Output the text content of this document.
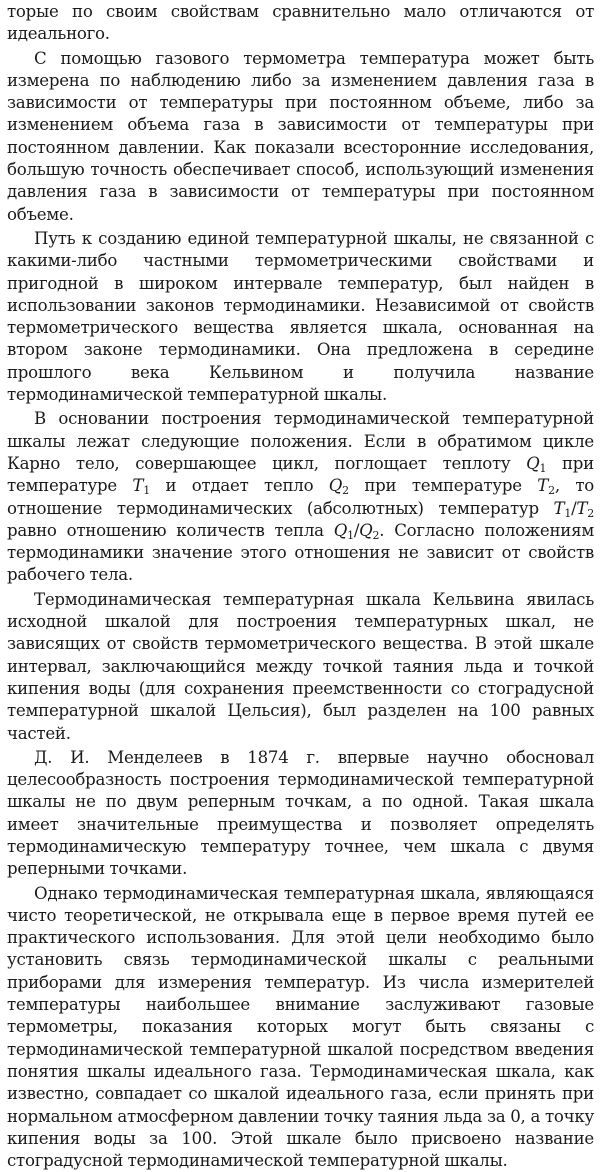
торые по своим свойствам сравнительно мало отличаются от идеального.

С помощью газового термометра температура может быть измерена по наблюдению либо за изменением давления газа в зависимости от температуры при постоянном объеме, либо за изменением объема газа в зависимости от температуры при постоянном давлении. Как показали всесторонние исследования, большую точность обеспечивает способ, использующий изменения давления газа в зависимости от температуры при постоянном объеме.

Путь к созданию единой температурной шкалы, не связанной с какими-либо частными термометрическими свойствами и пригодной в широком интервале температур, был найден в использовании законов термодинамики. Независимой от свойств термометрического вещества является шкала, основанная на втором законе термодинамики. Она предложена в середине прошлого века Кельвином и получила название термодинамической температурной шкалы.

В основании построения термодинамической температурной шкалы лежат следующие положения. Если в обратимом цикле Карно тело, совершающее цикл, поглощает теплоту $Q_1$ при температуре $T_1$ и отдает тепло $Q_2$ при температуре $T_2$, то отношение термодинамических (абсолютных) температур $T_1/T_2$ равно отношению количеств тепла $Q_1/Q_2$. Согласно положениям термодинамики значение этого отношения не зависит от свойств рабочего тела.

Термодинамическая температурная шкала Кельвина явилась исходной шкалой для построения температурных шкал, не зависящих от свойств термометрического вещества. В этой шкале интервал, заключающийся между точкой таяния льда и точкой кипения воды (для сохранения преемственности со стоградусной температурной шкалой Цельсия), был разделен на 100 равных частей.

Д. И. Менделеев в 1874 г. впервые научно обосновал целесообразность построения термодинамической температурной шкалы не по двум реперным точкам, а по одной. Такая шкала имеет значительные преимущества и позволяет определять термодинамическую температуру точнее, чем шкала с двумя реперными точками.

Однако термодинамическая температурная шкала, являющаяся чисто теоретической, не открывала еще в первое время путей ее практического использования. Для этой цели необходимо было установить связь термодинамической шкалы с реальными приборами для измерения температур. Из числа измерителей температуры наибольшее внимание заслуживают газовые термометры, показания которых могут быть связаны с термодинамической температурной шкалой посредством введения понятия шкалы идеального газа. Термодинамическая шкала, как известно, совпадает со шкалой идеального газа, если принять при нормальном атмосферном давлении точку таяния льда за 0, а точку кипения воды за 100. Этой шкале было присвоено название стоградусной термодинамической температурной шкалы.
